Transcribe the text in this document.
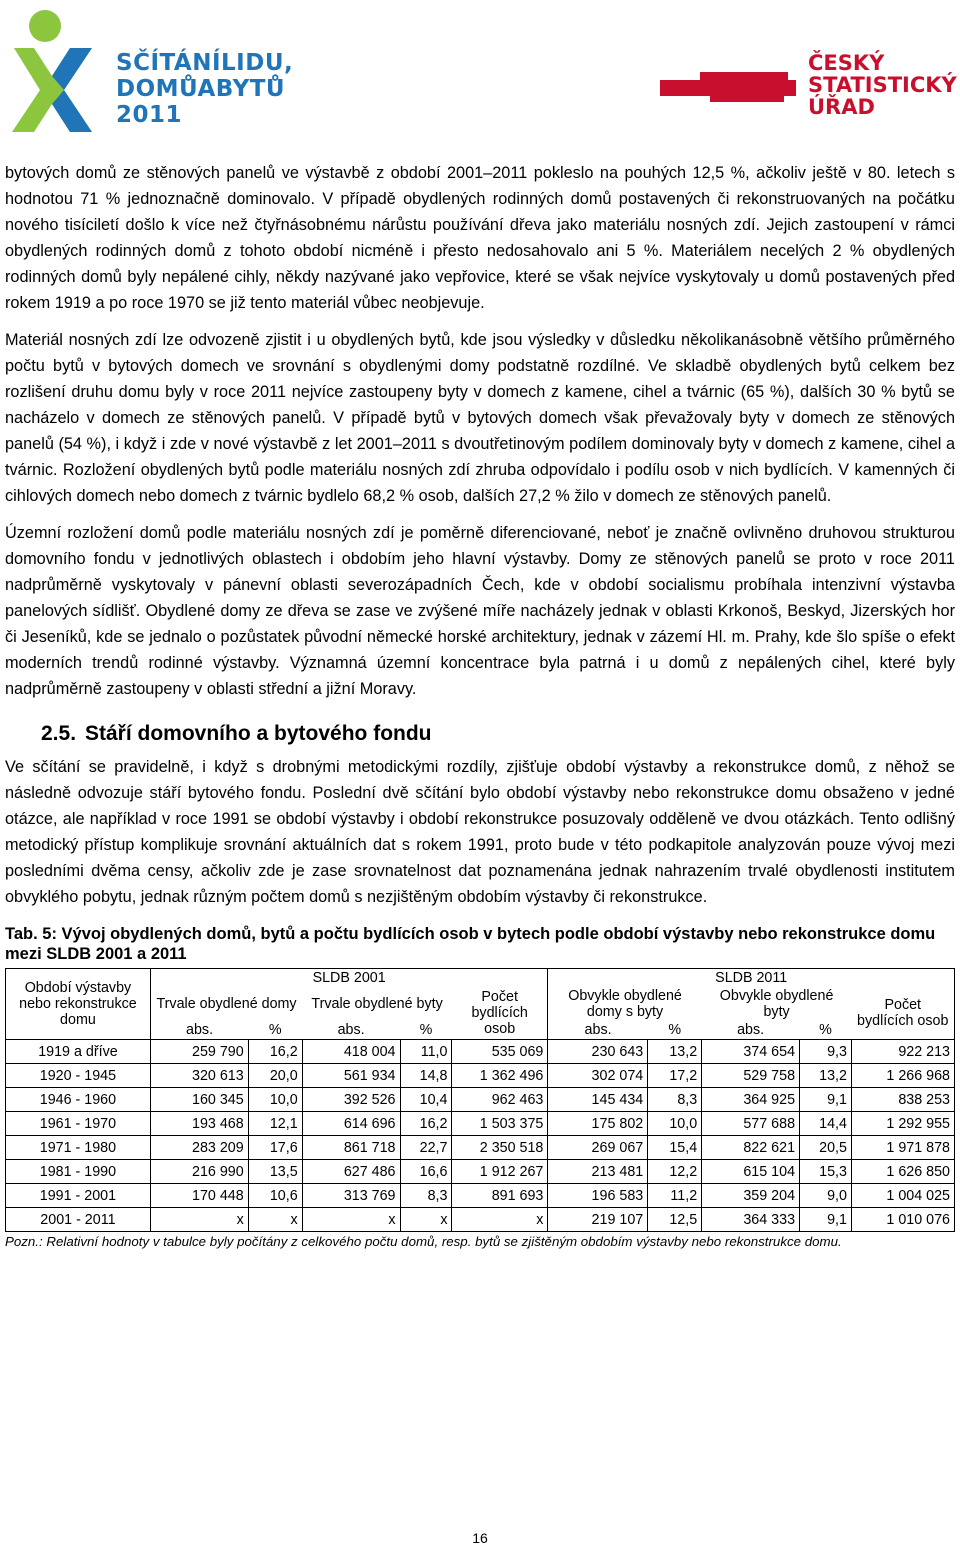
SČÍTÁNÍLIDU,
DOMŮABYTŮ
2011
ČESKÝ
STATISTICKÝ
ÚŘAD

bytových domů ze stěnových panelů ve výstavbě z období 2001–2011 pokleslo na pouhých 12,5 %, ačkoliv ještě v 80. letech s hodnotou 71 % jednoznačně dominovalo. V případě obydlených rodinných domů postavených či rekonstruovaných na počátku nového tisíciletí došlo k více než čtyřnásobnému nárůstu používání dřeva jako materiálu nosných zdí. Jejich zastoupení v rámci obydlených rodinných domů z tohoto období nicméně i přesto nedosahovalo ani 5 %. Materiálem necelých 2 % obydlených rodinných domů byly nepálené cihly, někdy nazývané jako vepřovice, které se však nejvíce vyskytovaly u domů postavených před rokem 1919 a po roce 1970 se již tento materiál vůbec neobjevuje.

Materiál nosných zdí lze odvozeně zjistit i u obydlených bytů, kde jsou výsledky v důsledku několikanásobně většího průměrného počtu bytů v bytových domech ve srovnání s obydlenými domy podstatně rozdílné. Ve skladbě obydlených bytů celkem bez rozlišení druhu domu byly v roce 2011 nejvíce zastoupeny byty v domech z kamene, cihel a tvárnic (65 %), dalších 30 % bytů se nacházelo v domech ze stěnových panelů. V případě bytů v bytových domech však převažovaly byty v domech ze stěnových panelů (54 %), i když i zde v nové výstavbě z let 2001–2011 s dvoutřetinovým podílem dominovaly byty v domech z kamene, cihel a tvárnic. Rozložení obydlených bytů podle materiálu nosných zdí zhruba odpovídalo i podílu osob v nich bydlících. V kamenných či cihlových domech nebo domech z tvárnic bydlelo 68,2 % osob, dalších 27,2 % žilo v domech ze stěnových panelů.

Územní rozložení domů podle materiálu nosných zdí je poměrně diferenciované, neboť je značně ovlivněno druhovou strukturou domovního fondu v jednotlivých oblastech i obdobím jeho hlavní výstavby. Domy ze stěnových panelů se proto v roce 2011 nadprůměrně vyskytovaly v pánevní oblasti severozápadních Čech, kde v období socialismu probíhala intenzivní výstavba panelových sídlišť. Obydlené domy ze dřeva se zase ve zvýšené míře nacházely jednak v oblasti Krkonoš, Beskyd, Jizerských hor či Jeseníků, kde se jednalo o pozůstatek původní německé horské architektury, jednak v zázemí Hl. m. Prahy, kde šlo spíše o efekt moderních trendů rodinné výstavby. Významná územní koncentrace byla patrná i u domů z nepálených cihel, které byly nadprůměrně zastoupeny v oblasti střední a jižní Moravy.

2.5. Stáří domovního a bytového fondu

Ve sčítání se pravidelně, i když s drobnými metodickými rozdíly, zjišťuje období výstavby a rekonstrukce domů, z něhož se následně odvozuje stáří bytového fondu. Poslední dvě sčítání bylo období výstavby nebo rekonstrukce domu obsaženo v jedné otázce, ale například v roce 1991 se období výstavby i období rekonstrukce posuzovaly odděleně ve dvou otázkách. Tento odlišný metodický přístup komplikuje srovnání aktuálních dat s rokem 1991, proto bude v této podkapitole analyzován pouze vývoj mezi posledními dvěma censy, ačkoliv zde je zase srovnatelnost dat poznamenána jednak nahrazením trvalé obydlenosti institutem obvyklého pobytu, jednak různým počtem domů s nezjištěným obdobím výstavby či rekonstrukce.

Tab. 5: Vývoj obydlených domů, bytů a počtu bydlících osob v bytech podle období výstavby nebo rekonstrukce domu mezi SLDB 2001 a 2011
Období výstavby nebo rekonstrukce domu	SLDB 2001					SLDB 2011				
	Trvale obydlené domy		Trvale obydlené byty		Počet bydlících osob	Obvykle obydlené domy s byty		Obvykle obydlené byty		Počet bydlících osob
	abs.	%	abs.	%		abs.	%	abs.	%	
1919 a dříve	259 790	16,2	418 004	11,0	535 069	230 643	13,2	374 654	9,3	922 213
1920 - 1945	320 613	20,0	561 934	14,8	1 362 496	302 074	17,2	529 758	13,2	1 266 968
1946 - 1960	160 345	10,0	392 526	10,4	962 463	145 434	8,3	364 925	9,1	838 253
1961 - 1970	193 468	12,1	614 696	16,2	1 503 375	175 802	10,0	577 688	14,4	1 292 955
1971 - 1980	283 209	17,6	861 718	22,7	2 350 518	269 067	15,4	822 621	20,5	1 971 878
1981 - 1990	216 990	13,5	627 486	16,6	1 912 267	213 481	12,2	615 104	15,3	1 626 850
1991 - 2001	170 448	10,6	313 769	8,3	891 693	196 583	11,2	359 204	9,0	1 004 025
2001 - 2011	x	x	x	x	x	219 107	12,5	364 333	9,1	1 010 076
Pozn.: Relativní hodnoty v tabulce byly počítány z celkového počtu domů, resp. bytů se zjištěným obdobím výstavby nebo rekonstrukce domu.
16
